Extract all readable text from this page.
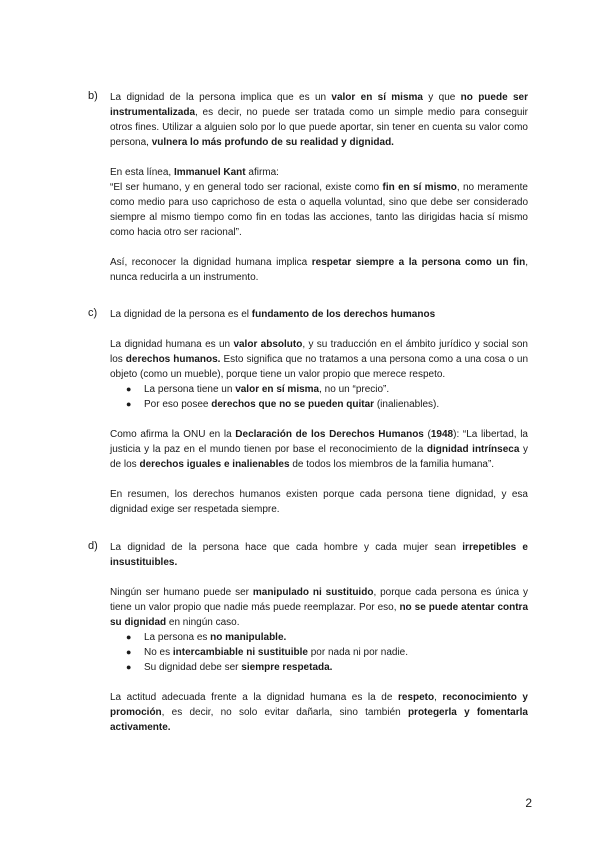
b) La dignidad de la persona implica que es un valor en sí misma y que no puede ser instrumentalizada, es decir, no puede ser tratada como un simple medio para conseguir otros fines. Utilizar a alguien solo por lo que puede aportar, sin tener en cuenta su valor como persona, vulnera lo más profundo de su realidad y dignidad.

En esta línea, Immanuel Kant afirma:

“El ser humano, y en general todo ser racional, existe como fin en sí mismo, no meramente como medio para uso caprichoso de esta o aquella voluntad, sino que debe ser considerado siempre al mismo tiempo como fin en todas las acciones, tanto las dirigidas hacia sí mismo como hacia otro ser racional”.

Así, reconocer la dignidad humana implica respetar siempre a la persona como un fin, nunca reducirla a un instrumento.

c) La dignidad de la persona es el fundamento de los derechos humanos

La dignidad humana es un valor absoluto, y su traducción en el ámbito jurídico y social son los derechos humanos. Esto significa que no tratamos a una persona como a una cosa o un objeto (como un mueble), porque tiene un valor propio que merece respeto.

● La persona tiene un valor en sí misma, no un “precio”.
● Por eso posee derechos que no se pueden quitar (inalienables).

Como afirma la ONU en la Declaración de los Derechos Humanos (1948): “La libertad, la justicia y la paz en el mundo tienen por base el reconocimiento de la dignidad intrínseca y de los derechos iguales e inalienables de todos los miembros de la familia humana”.

En resumen, los derechos humanos existen porque cada persona tiene dignidad, y esa dignidad exige ser respetada siempre.

d) La dignidad de la persona hace que cada hombre y cada mujer sean irrepetibles e insustituibles.

Ningún ser humano puede ser manipulado ni sustituido, porque cada persona es única y tiene un valor propio que nadie más puede reemplazar. Por eso, no se puede atentar contra su dignidad en ningún caso.

● La persona es no manipulable.
● No es intercambiable ni sustituible por nada ni por nadie.
● Su dignidad debe ser siempre respetada.

La actitud adecuada frente a la dignidad humana es la de respeto, reconocimiento y promoción, es decir, no solo evitar dañarla, sino también protegerla y fomentarla activamente.

2
